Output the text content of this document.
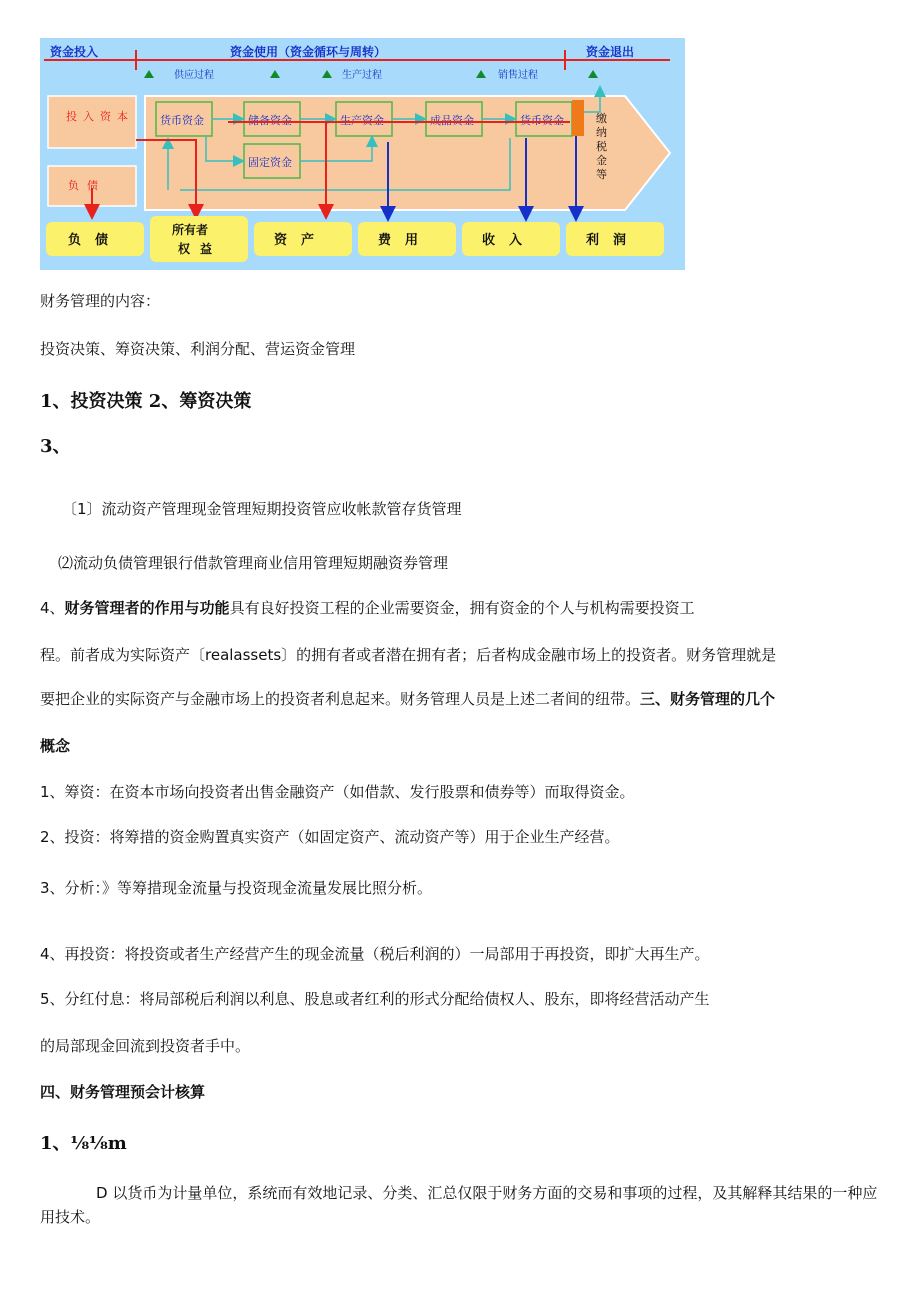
资金投入	资金使用（资金循环与周转）	资金退出
供应过程	生产过程	销售过程
投入资本
负债
货币资金	储备资金	生产资金	成品资金	货币资金
固定资金
缴纳税金等
负债
所有者
权益
资产	费用	收入	利润
财务管理的内容：
投资决策、筹资决策、利润分配、营运资金管理
1、投资决策 2、筹资决策
3、
〔1〕流动资产管理现金管理短期投资管应收帐款管存货管理
⑵流动负债管理银行借款管理商业信用管理短期融资券管理
4、财务管理者的作用与功能具有良好投资工程的企业需要资金，拥有资金的个人与机构需要投资工
程。前者成为实际资产〔realassets〕的拥有者或者潜在拥有者；后者构成金融市场上的投资者。财务管理就是
要把企业的实际资产与金融市场上的投资者利息起来。财务管理人员是上述二者间的纽带。三、财务管理的几个
概念
1、筹资：在资本市场向投资者出售金融资产（如借款、发行股票和债券等）而取得资金。
2、投资：将筹措的资金购置真实资产（如固定资产、流动资产等）用于企业生产经营。
3、分析：》等筹措现金流量与投资现金流量发展比照分析。
4、再投资：将投资或者生产经营产生的现金流量（税后利润的）一局部用于再投资，即扩大再生产。
5、分红付息：将局部税后利润以利息、股息或者红利的形式分配给债权人、股东，即将经营活动产生
的局部现金回流到投资者手中。
四、财务管理预会计核算
1、⅛⅛m
D 以货币为计量单位，系统而有效地记录、分类、汇总仅限于财务方面的交易和事项的过程，及其解释其结果的一种应用技术。
